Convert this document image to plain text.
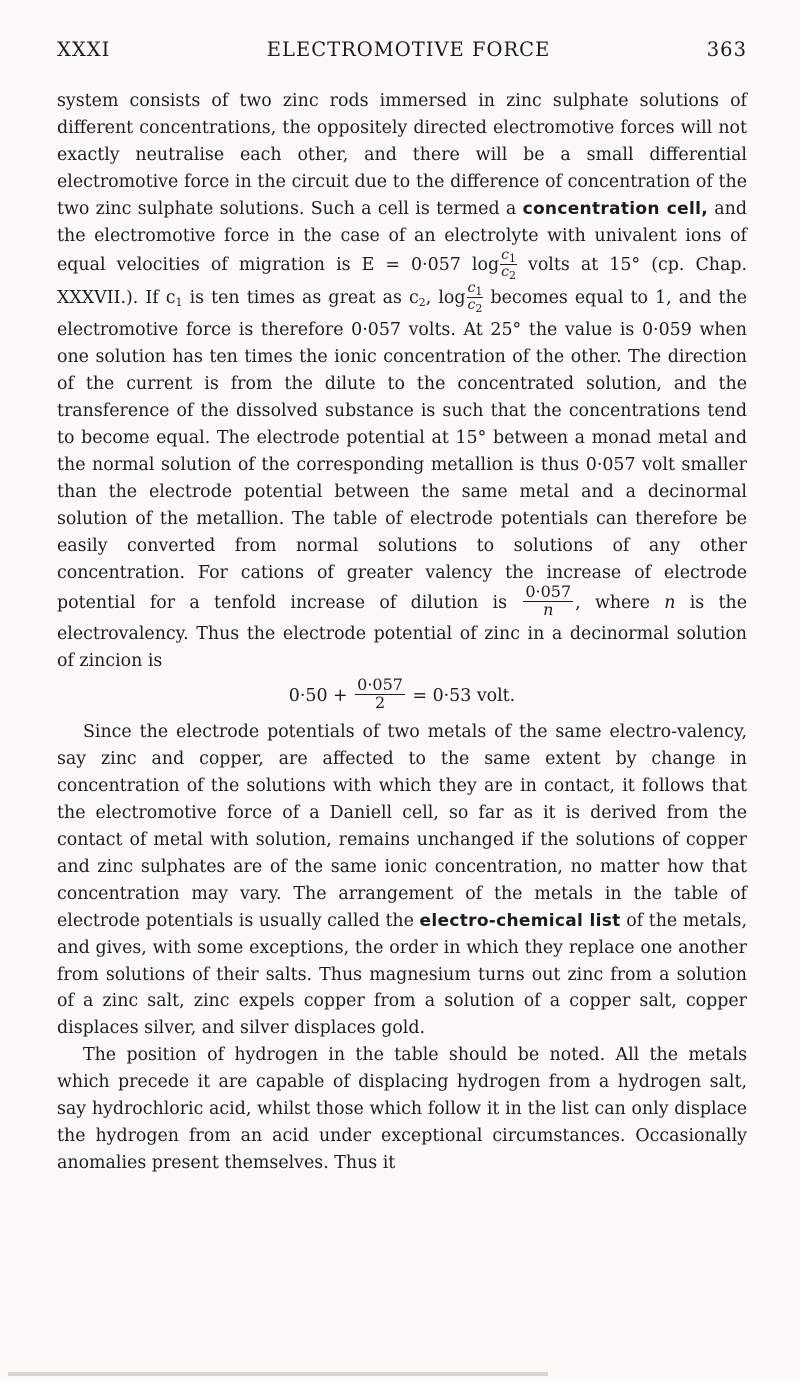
XXXI	ELECTROMOTIVE FORCE	363

system consists of two zinc rods immersed in zinc sulphate solutions of different concentrations, the oppositely directed electromotive forces will not exactly neutralise each other, and there will be a small differential electromotive force in the circuit due to the difference of concentration of the two zinc sulphate solutions. Such a cell is termed a concentration cell, and the electromotive force in the case of an electrolyte with univalent ions of equal velocities of migration is E = 0·057 $\log \frac{c_1}{c_2}$ volts at 15° (cp. Chap. XXXVII.). If $c_1$ is ten times as great as $c_2$, $\log \frac{c_1}{c_2}$ becomes equal to 1, and the electromotive force is therefore 0·057 volts. At 25° the value is 0·059 when one solution has ten times the ionic concentration of the other. The direction of the current is from the dilute to the concentrated solution, and the transference of the dissolved substance is such that the concentrations tend to become equal. The electrode potential at 15° between a monad metal and the normal solution of the corresponding metallion is thus 0·057 volt smaller than the electrode potential between the same metal and a decinormal solution of the metallion. The table of electrode potentials can therefore be easily converted from normal solutions to solutions of any other concentration. For cations of greater valency the increase of electrode potential for a tenfold increase of dilution is $\frac{0\cdot 057}{n}$ , where n is the electrovalency. Thus the electrode potential of zinc in a decinormal solution of zincion is

$0\cdot 50 + \frac{0\cdot 057}{2} = 0\cdot 53$ volt.

Since the electrode potentials of two metals of the same electro-valency, say zinc and copper, are affected to the same extent by change in concentration of the solutions with which they are in contact, it follows that the electromotive force of a Daniell cell, so far as it is derived from the contact of metal with solution, remains unchanged if the solutions of copper and zinc sulphates are of the same ionic concentration, no matter how that concentration may vary. The arrangement of the metals in the table of electrode potentials is usually called the electro-chemical list of the metals, and gives, with some exceptions, the order in which they replace one another from solutions of their salts. Thus magnesium turns out zinc from a solution of a zinc salt, zinc expels copper from a solution of a copper salt, copper displaces silver, and silver displaces gold.

The position of hydrogen in the table should be noted. All the metals which precede it are capable of displacing hydrogen from a hydrogen salt, say hydrochloric acid, whilst those which follow it in the list can only displace the hydrogen from an acid under exceptional circumstances. Occasionally anomalies present themselves. Thus it
